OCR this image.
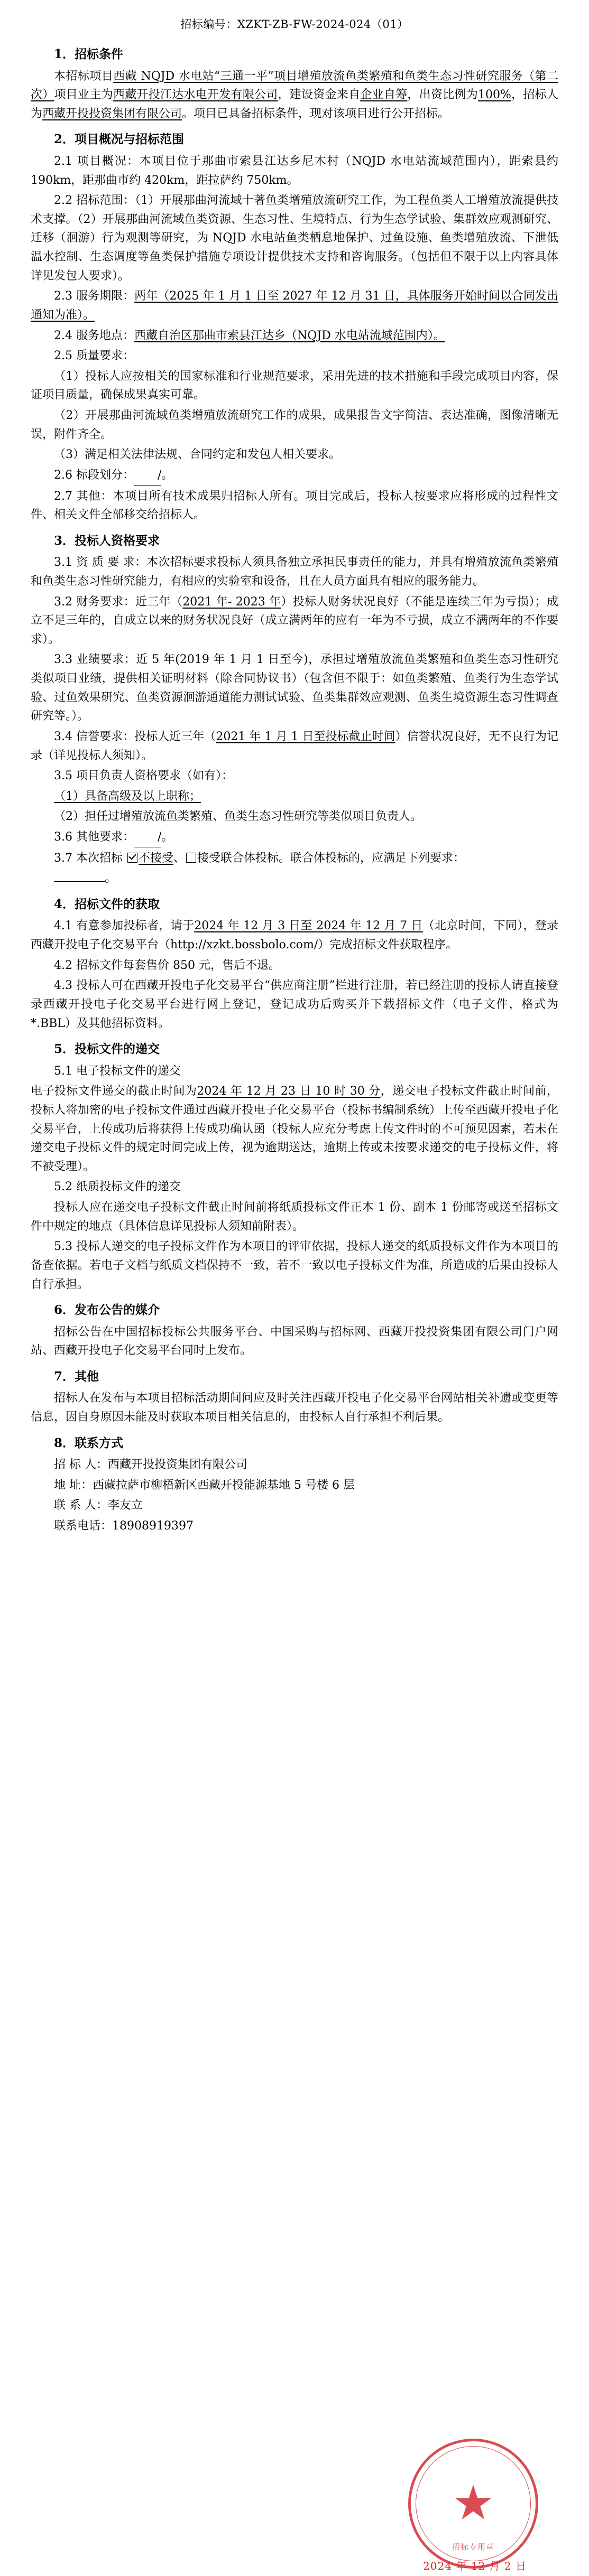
招标编号：XZKT-ZB-FW-2024-024（01）
1．招标条件

本招标项目西藏 NQJD 水电站“三通一平”项目增殖放流鱼类繁殖和鱼类生态习性研究服务（第二次）项目业主为西藏开投江达水电开发有限公司，建设资金来自企业自筹，出资比例为100%，招标人为西藏开投投资集团有限公司。项目已具备招标条件，现对该项目进行公开招标。

2．项目概况与招标范围

2.1 项目概况：本项目位于那曲市索县江达乡尼木村（NQJD 水电站流域范围内），距索县约 190km，距那曲市约 420km，距拉萨约 750km。

2.2 招标范围：（1）开展那曲河流域十著鱼类增殖放流研究工作，为工程鱼类人工增殖放流提供技术支撑。（2）开展那曲河流域鱼类资源、生态习性、生境特点、行为生态学试验、集群效应观测研究、迁移（洄游）行为观测等研究，为 NQJD 水电站鱼类栖息地保护、过鱼设施、鱼类增殖放流、下泄低温水控制、生态调度等鱼类保护措施专项设计提供技术支持和咨询服务。（包括但不限于以上内容具体详见发包人要求）。

2.3 服务期限：两年（2025 年 1 月 1 日至 2027 年 12 月 31 日，具体服务开始时间以合同发出通知为准）。

2.4 服务地点：西藏自治区那曲市索县江达乡（NQJD 水电站流域范围内）。

2.5 质量要求：

（1）投标人应按相关的国家标准和行业规范要求，采用先进的技术措施和手段完成项目内容，保证项目质量，确保成果真实可靠。

（2）开展那曲河流域鱼类增殖放流研究工作的成果，成果报告文字简洁、表达准确，图像清晰无误，附件齐全。

（3）满足相关法律法规、合同约定和发包人相关要求。

2.6 标段划分： /。

2.7 其他：本项目所有技术成果归招标人所有。项目完成后，投标人按要求应将形成的过程性文件、相关文件全部移交给招标人。

3．投标人资格要求

3.1 资 质 要 求：本次招标要求投标人须具备独立承担民事责任的能力，并具有增殖放流鱼类繁殖和鱼类生态习性研究能力，有相应的实验室和设备，且在人员方面具有相应的服务能力。

3.2 财务要求：近三年（2021 年- 2023 年）投标人财务状况良好（不能是连续三年为亏损）；成立不足三年的，自成立以来的财务状况良好（成立满两年的应有一年为不亏损，成立不满两年的不作要求）。

3.3 业绩要求：近 5 年(2019 年 1 月 1 日至今)，承担过增殖放流鱼类繁殖和鱼类生态习性研究类似项目业绩，提供相关证明材料（除合同协议书）（包含但不限于：如鱼类繁殖、鱼类行为生态学试验、过鱼效果研究、鱼类资源洄游通道能力测试试验、鱼类集群效应观测、鱼类生境资源生态习性调查研究等。）。

3.4 信誉要求：投标人近三年（2021 年 1 月 1 日至投标截止时间）信誉状况良好，无不良行为记录（详见投标人须知）。

3.5 项目负责人资格要求（如有）：

（1）具备高级及以上职称；

（2）担任过增殖放流鱼类繁殖、鱼类生态习性研究等类似项目负责人。

3.6 其他要求： /。

3.7 本次招标 不接受、 接受联合体投标。联合体投标的，应满足下列要求：

。

4．招标文件的获取

4.1 有意参加投标者，请于2024 年 12 月 3 日至 2024 年 12 月 7 日（北京时间，下同），登录西藏开投电子化交易平台（http://xzkt.bossbolo.com/）完成招标文件获取程序。

4.2 招标文件每套售价 850 元，售后不退。

4.3 投标人可在西藏开投电子化交易平台“供应商注册”栏进行注册，若已经注册的投标人请直接登录西藏开投电子化交易平台进行网上登记，登记成功后购买并下载招标文件（电子文件，格式为*.BBL）及其他招标资料。

5．投标文件的递交

5.1 电子投标文件的递交

电子投标文件递交的截止时间为2024 年 12 月 23 日 10 时 30 分，递交电子投标文件截止时间前，投标人将加密的电子投标文件通过西藏开投电子化交易平台（投标书编制系统）上传至西藏开投电子化交易平台，上传成功后将获得上传成功确认函（投标人应充分考虑上传文件时的不可预见因素，若未在递交电子投标文件的规定时间完成上传，视为逾期送达，逾期上传或未按要求递交的电子投标文件，将不被受理）。

5.2 纸质投标文件的递交

投标人应在递交电子投标文件截止时间前将纸质投标文件正本 1 份、副本 1 份邮寄或送至招标文件中规定的地点（具体信息详见投标人须知前附表）。

5.3 投标人递交的电子投标文件作为本项目的评审依据，投标人递交的纸质投标文件作为本项目的备查依据。若电子文档与纸质文档保持不一致，若不一致以电子投标文件为准，所造成的后果由投标人自行承担。

6．发布公告的媒介

招标公告在中国招标投标公共服务平台、中国采购与招标网、西藏开投投资集团有限公司门户网站、西藏开投电子化交易平台同时上发布。

7．其他

招标人在发布与本项目招标活动期间问应及时关注西藏开投电子化交易平台网站相关补遗或变更等信息，因自身原因未能及时获取本项目相关信息的，由投标人自行承担不利后果。

8．联系方式
招 标 人：西藏开投投资集团有限公司
地 址：西藏拉萨市柳梧新区西藏开投能源基地 5 号楼 6 层
联 系 人：李友立
联系电话：18908919397
★
招标专用章
2024 年 12 月 2 日
